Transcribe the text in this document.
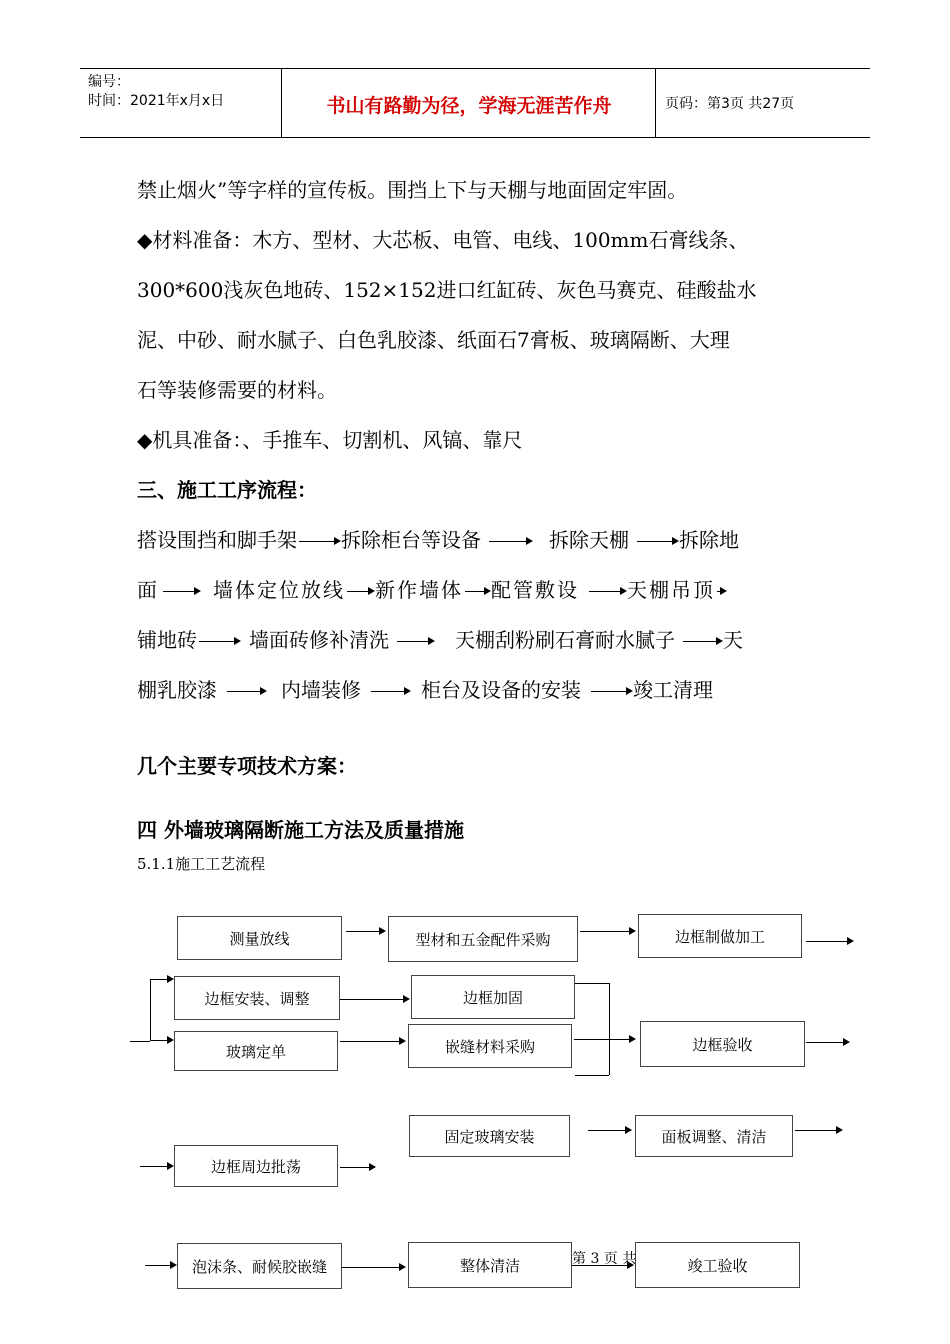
编号：
时间：2021年x月x日	书山有路勤为径，学海无涯苦作舟	页码：第3页 共27页
禁止烟火”等字样的宣传板。围挡上下与天棚与地面固定牢固。
◆材料准备：木方、型材、大芯板、电管、电线、100mm石膏线条、
300*600浅灰色地砖、152×152进口红缸砖、灰色马赛克、硅酸盐水
泥、中砂、耐水腻子、白色乳胶漆、纸面石7膏板、玻璃隔断、大理
石等装修需要的材料。
◆机具准备：、手推车、切割机、风镐、靠尺
三、施工工序流程：
搭设围挡和脚手架 拆除柜台等设备	拆除天棚	拆除地
面	墙体定位放线 新作墙体 配管敷设 天棚吊顶
铺地砖	墙面砖修补清洗	天棚刮粉刷石膏耐水腻子 天
棚乳胶漆	内墙装修	柜台及设备的安装	竣工清理
几个主要专项技术方案：
四 外墙玻璃隔断施工方法及质量措施
5.1.1施工工艺流程
测量放线	型材和五金配件采购	边框制做加工
边框安装、调整	边框加固
玻璃定单	嵌缝材料采购	边框验收
固定玻璃安装	面板调整、清洁
边框周边批荡
泡沫条、耐候胶嵌缝	整体清洁	竣工验收
第 3 页 共
